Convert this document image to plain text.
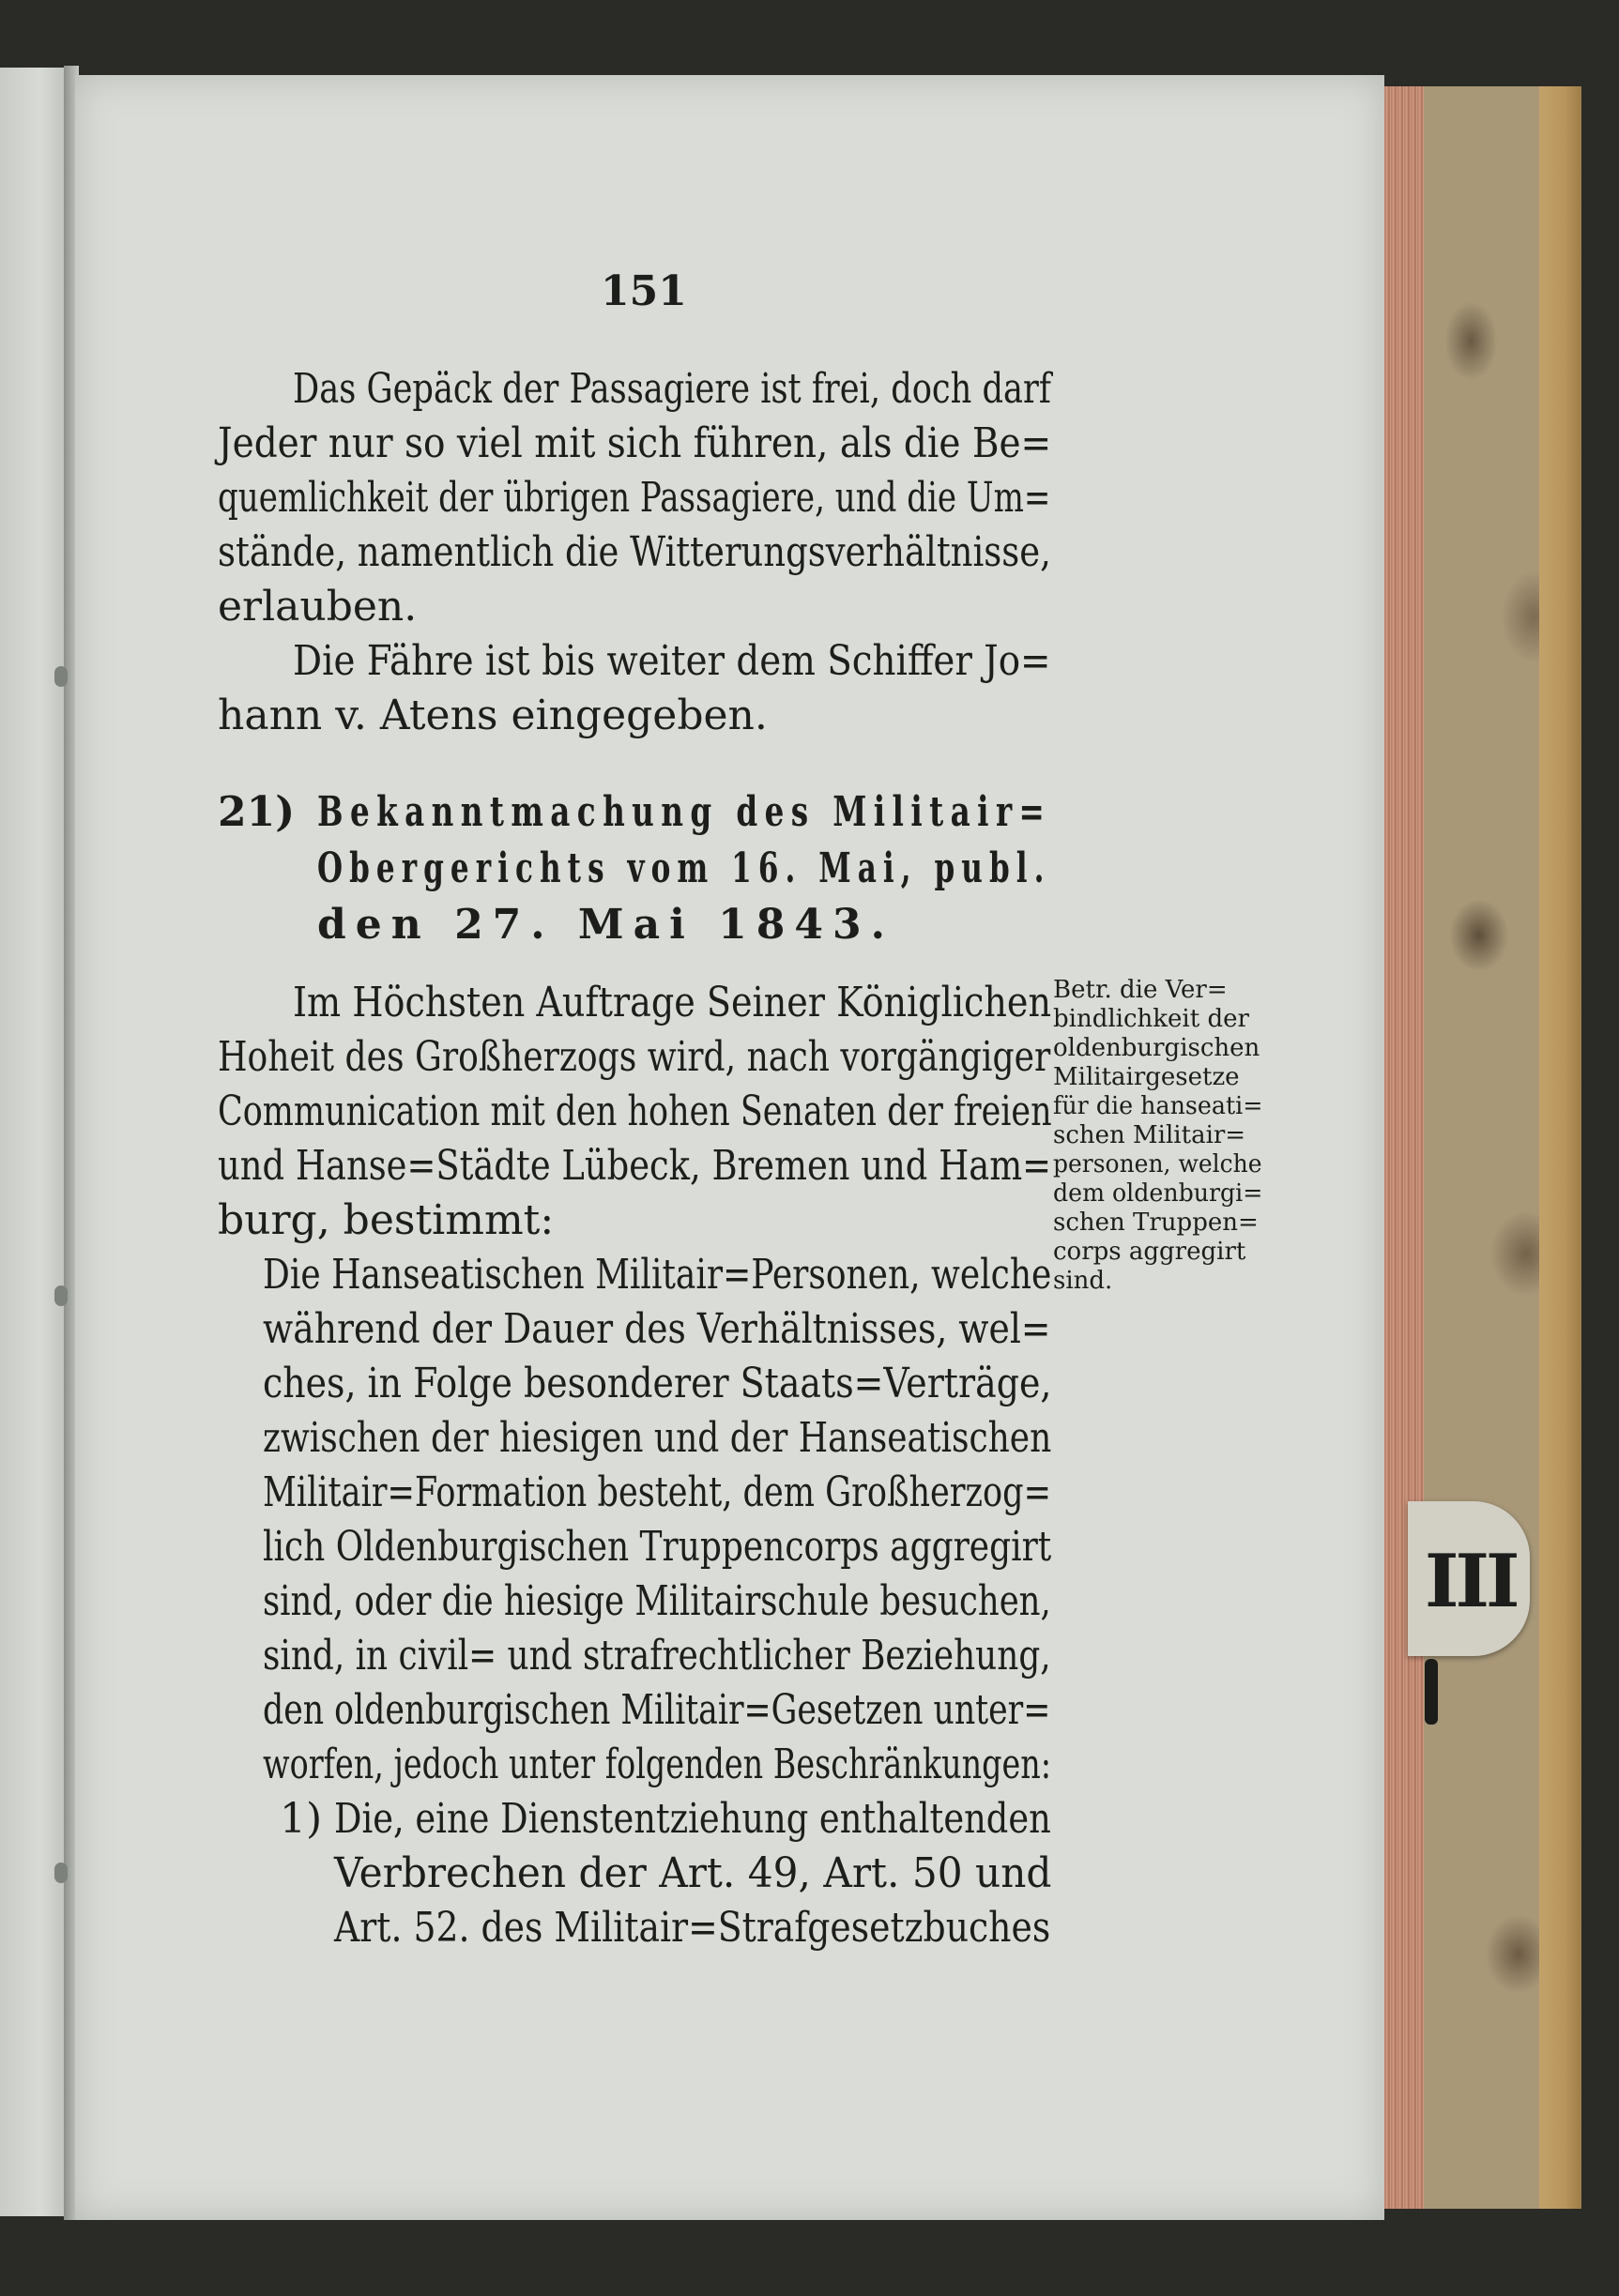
III
151
Das Gepäck der Passagiere ist frei, doch darf
Jeder nur so viel mit sich führen, als die Be=
quemlichkeit der übrigen Passagiere, und die Um=
stände, namentlich die Witterungsverhältnisse,
erlauben.
Die Fähre ist bis weiter dem Schiffer Jo=
hann v. Atens eingegeben.
21) Bekanntmachung des Militair=
Obergerichts vom 16. Mai, publ.
den 27. Mai 1843.
Im Höchsten Auftrage Seiner Königlichen
Hoheit des Großherzogs wird, nach vorgängiger
Communication mit den hohen Senaten der freien
und Hanse=Städte Lübeck, Bremen und Ham=
burg, bestimmt:
Die Hanseatischen Militair=Personen, welche
während der Dauer des Verhältnisses, wel=
ches, in Folge besonderer Staats=Verträge,
zwischen der hiesigen und der Hanseatischen
Militair=Formation besteht, dem Großherzog=
lich Oldenburgischen Truppencorps aggregirt
sind, oder die hiesige Militairschule besuchen,
sind, in civil= und strafrechtlicher Beziehung,
den oldenburgischen Militair=Gesetzen unter=
worfen, jedoch unter folgenden Beschränkungen:
1) Die, eine Dienstentziehung enthaltenden
Verbrechen der Art. 49, Art. 50 und
Art. 52. des Militair=Strafgesetzbuches
Betr. die Ver=
bindlichkeit der
oldenburgischen
Militairgesetze
für die hanseati=
schen Militair=
personen, welche
dem oldenburgi=
schen Truppen=
corps aggregirt
sind.
